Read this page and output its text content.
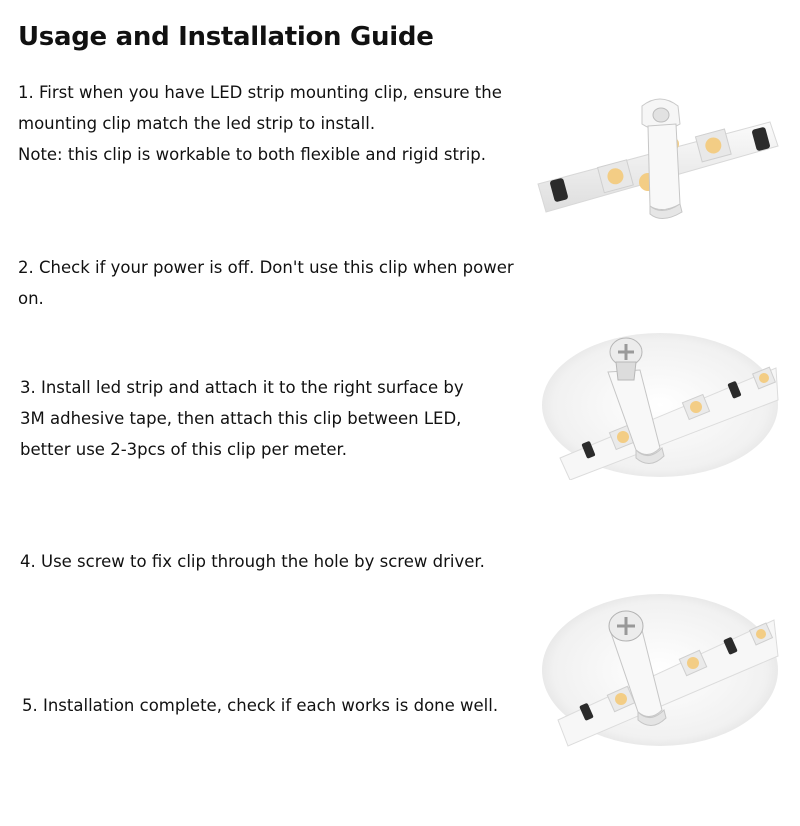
Usage and Installation Guide

1. First when you have LED strip mounting clip, ensure the

mounting clip match the led strip to install.

Note: this clip is workable to both flexible and rigid strip.

2. Check if your power is off. Don't use this clip when power

on.

3. Install led strip and attach it to the right surface by

3M adhesive tape, then attach this clip between LED,

better use 2-3pcs of this clip per meter.

4. Use screw to fix clip through the hole by screw driver.

5. Installation complete, check if each works is done well.
